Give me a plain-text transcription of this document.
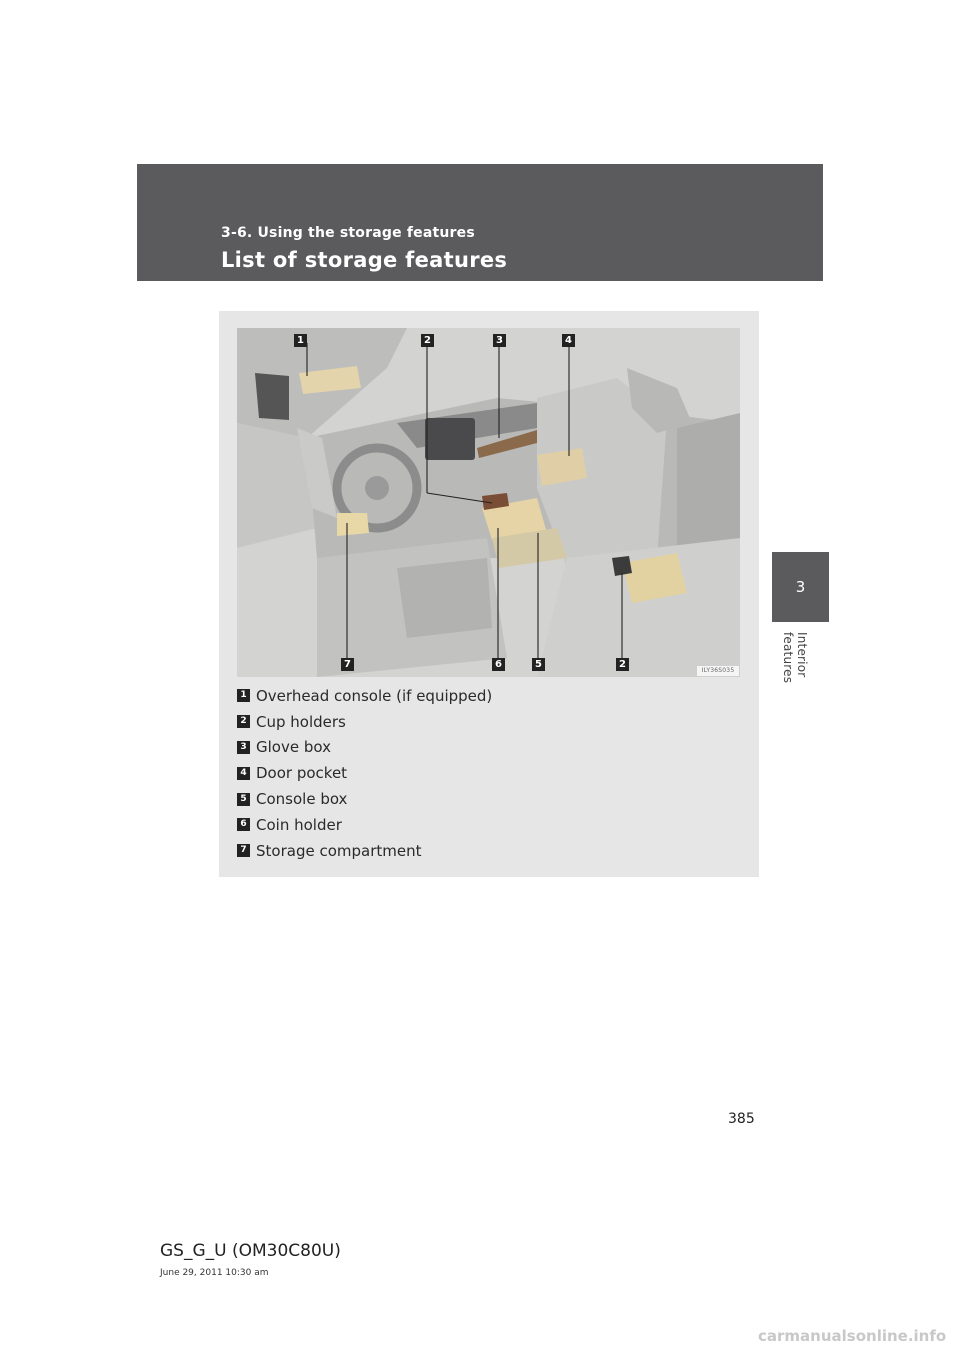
3-6. Using the storage features
List of storage features
3
Interior features
1	2	3	4
7	6	5	2
ILY36S035
1 Overhead console (if equipped)
2 Cup holders
3 Glove box
4 Door pocket
5 Console box
6 Coin holder
7 Storage compartment
385
GS_G_U (OM30C80U)
June 29, 2011 10:30 am
carmanualsonline.info
